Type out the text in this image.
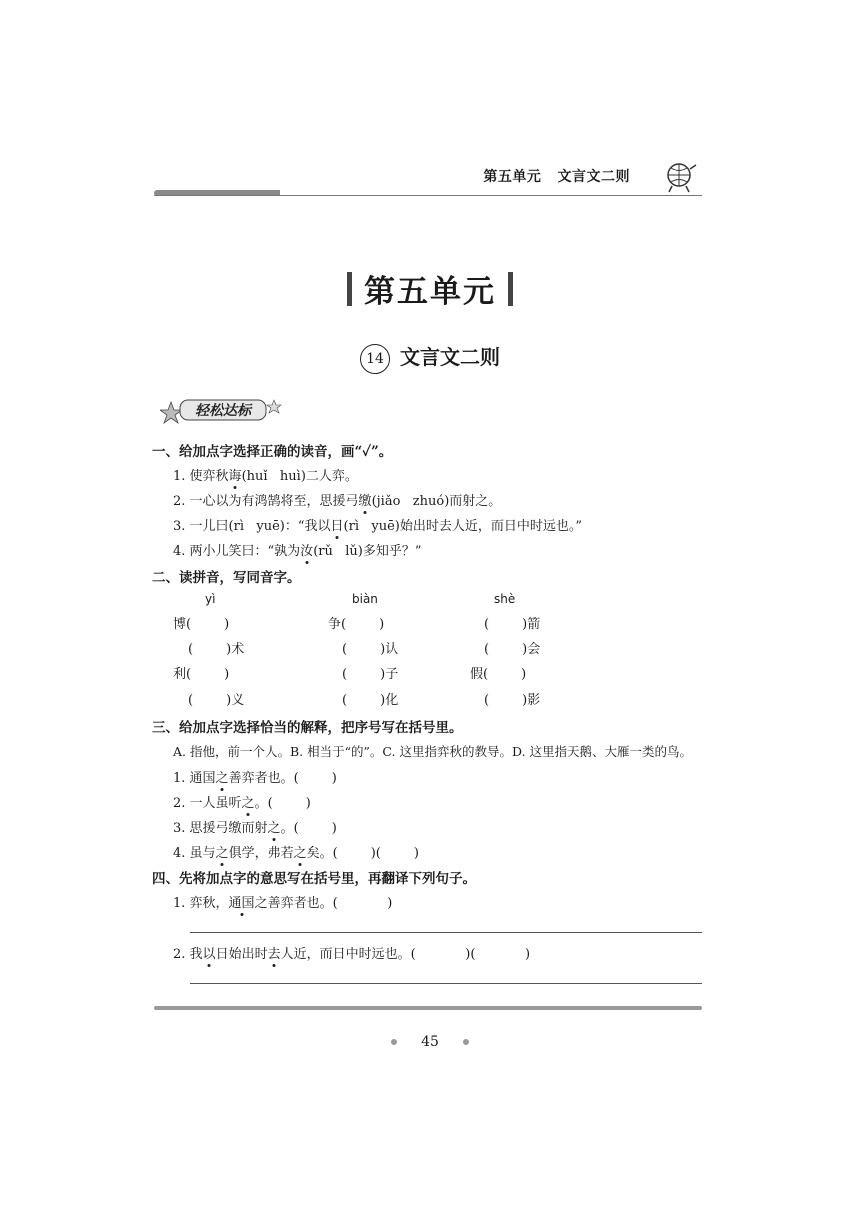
第五单元 文言文二则
第五单元
14 文言文二则
轻松达标
一、给加点字选择正确的读音，画“✓”。
1. 使弈秋诲(huǐ   huì)二人弈。
2. 一心以为有鸿鹄将至，思援弓缴(jiǎo   zhuó)而射之。
3. 一儿曰(rì   yuē)：“我以日(rì   yuē)始出时去人近，而日中时远也。”
4. 两小儿笑曰：“孰为汝(rǔ   lǔ)多知乎？”
二、读拼音，写同音字。
yì	biàn	shè
博(        )	争(        )	(        )箭
(        )术	(        )认	(        )会
利(        )	(        )子	假(        )
(        )义	(        )化	(        )影
三、给加点字选择恰当的解释，把序号写在括号里。
A. 指他，前一个人。B. 相当于“的”。C. 这里指弈秋的教导。D. 这里指天鹅、大雁一类的鸟。
1. 通国之善弈者也。(        )
2. 一人虽听之。(        )
3. 思援弓缴而射之。(        )
4. 虽与之俱学，弗若之矣。(        )(        )
四、先将加点字的意思写在括号里，再翻译下列句子。
1. 弈秋，通国之善弈者也。(            )
2. 我以日始出时去人近，而日中时远也。(            )(            )
45
